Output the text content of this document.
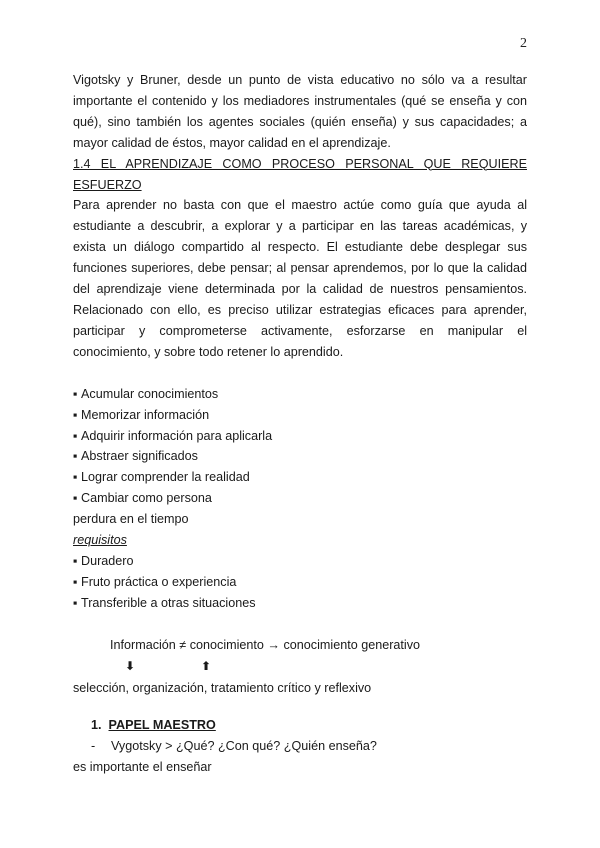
2

Vigotsky y Bruner, desde un punto de vista educativo no sólo va a resultar importante el contenido y los mediadores instrumentales (qué se enseña y con qué), sino también los agentes sociales (quién enseña) y sus capacidades; a mayor calidad de éstos, mayor calidad en el aprendizaje.

1.4 EL APRENDIZAJE COMO PROCESO PERSONAL QUE REQUIERE

ESFUERZO

Para aprender no basta con que el maestro actúe como guía que ayuda al estudiante a descubrir, a explorar y a participar en las tareas académicas, y exista un diálogo compartido al respecto. El estudiante debe desplegar sus funciones superiores, debe pensar; al pensar aprendemos, por lo que la calidad del aprendizaje viene determinada por la calidad de nuestros pensamientos. Relacionado con ello, es preciso utilizar estrategias eficaces para aprender, participar y comprometerse activamente, esforzarse en manipular el conocimiento, y sobre todo retener lo aprendido.

▪ Acumular conocimientos
▪ Memorizar información
▪ Adquirir información para aplicarla
▪ Abstraer significados
▪ Lograr comprender la realidad
▪ Cambiar como persona

perdura en el tiempo

requisitos

▪ Duradero
▪ Fruto práctica o experiencia
▪ Transferible a otras situaciones

Información ≠ conocimiento → conocimiento generativo

⬇	⬆

selección, organización, tratamiento crítico y reflexivo

1. PAPEL MAESTRO

- Vygotsky > ¿Qué? ¿Con qué? ¿Quién enseña?

es importante el enseñar
